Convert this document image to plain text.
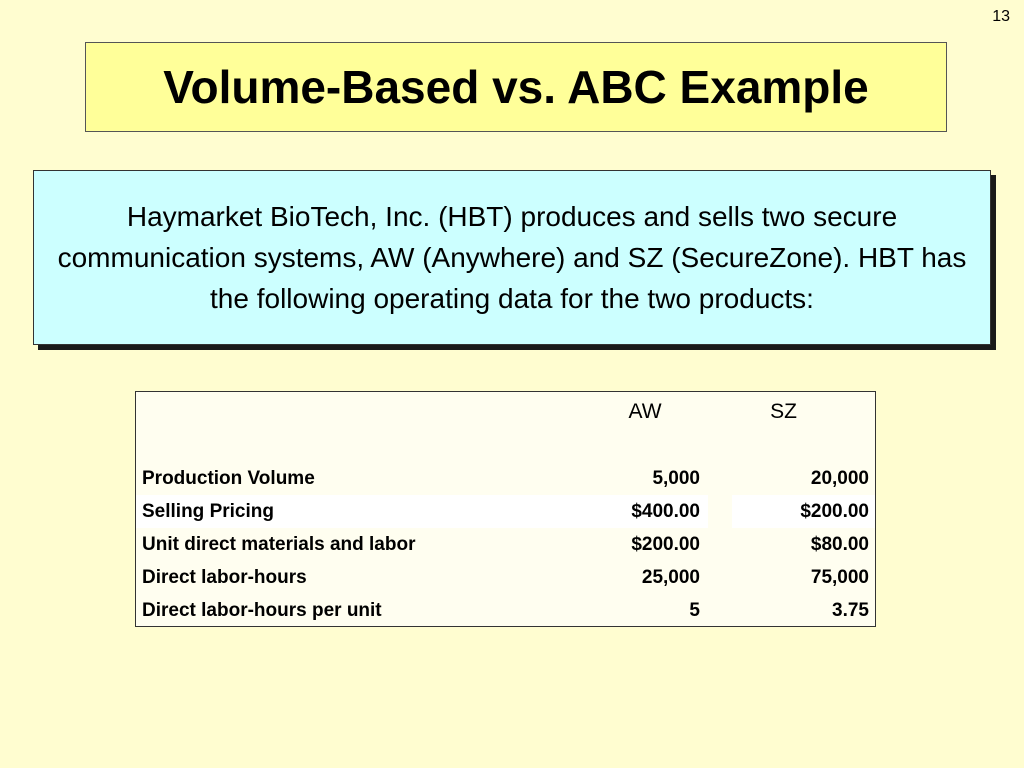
13
Volume-Based vs. ABC Example

Haymarket BioTech, Inc. (HBT) produces and sells two secure communication systems, AW (Anywhere) and SZ (SecureZone). HBT has the following operating data for the two products:

	AW		SZ

Production Volume	5,000		20,000
Selling Pricing	$400.00		$200.00
Unit direct materials and labor	$200.00		$80.00
Direct labor-hours	25,000		75,000
Direct labor-hours per unit	5		3.75
